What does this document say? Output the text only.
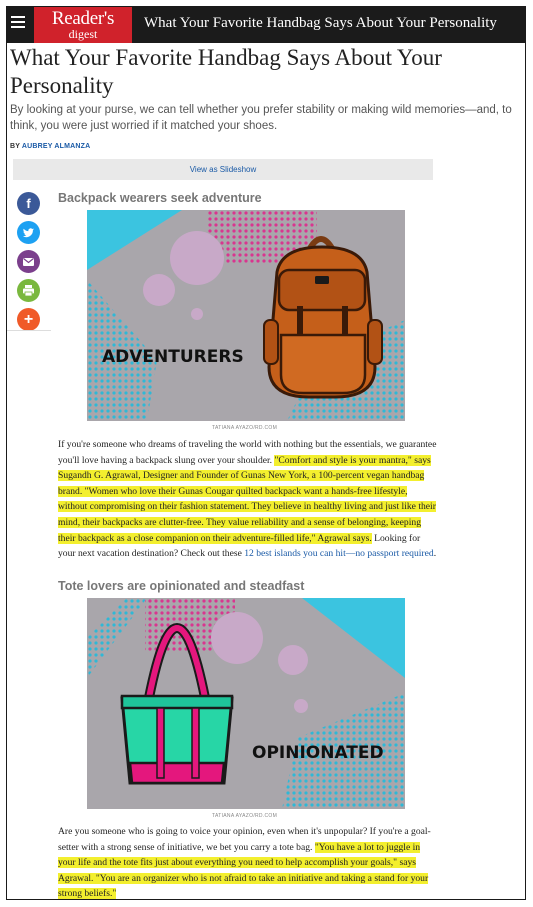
Reader's
digest
What Your Favorite Handbag Says About Your Personality
What Your Favorite Handbag Says About Your Personality

By looking at your purse, we can tell whether you prefer stability or making wild memories—and, to think, you were just worried if it matched your shoes.

BY AUBREY ALMANZA
View as Slideshow
f
+
Backpack wearers seek adventure
ADVENTURERS
TATIANA AYAZO/RD.COM
If you're someone who dreams of traveling the world with nothing but the essentials, we guarantee you'll love having a backpack slung over your shoulder. "Comfort and style is your mantra," says Sugandh G. Agrawal, Designer and Founder of Gunas New York, a 100-percent vegan handbag brand. "Women who love their Gunas Cougar quilted backpack want a hands-free lifestyle, without compromising on their fashion statement. They believe in healthy living and just like their mind, their backpacks are clutter-free. They value reliability and a sense of belonging, keeping their backpack as a close companion on their adventure-filled life," Agrawal says. Looking for your next vacation destination? Check out these 12 best islands you can hit—no passport required.
Tote lovers are opinionated and steadfast
OPINIONATED
TATIANA AYAZO/RD.COM
Are you someone who is going to voice your opinion, even when it's unpopular? If you're a goal-setter with a strong sense of initiative, we bet you carry a tote bag. "You have a lot to juggle in your life and the tote fits just about everything you need to help accomplish your goals," says Agrawal. "You are an organizer who is not afraid to take an initiative and taking a stand for your strong beliefs."
